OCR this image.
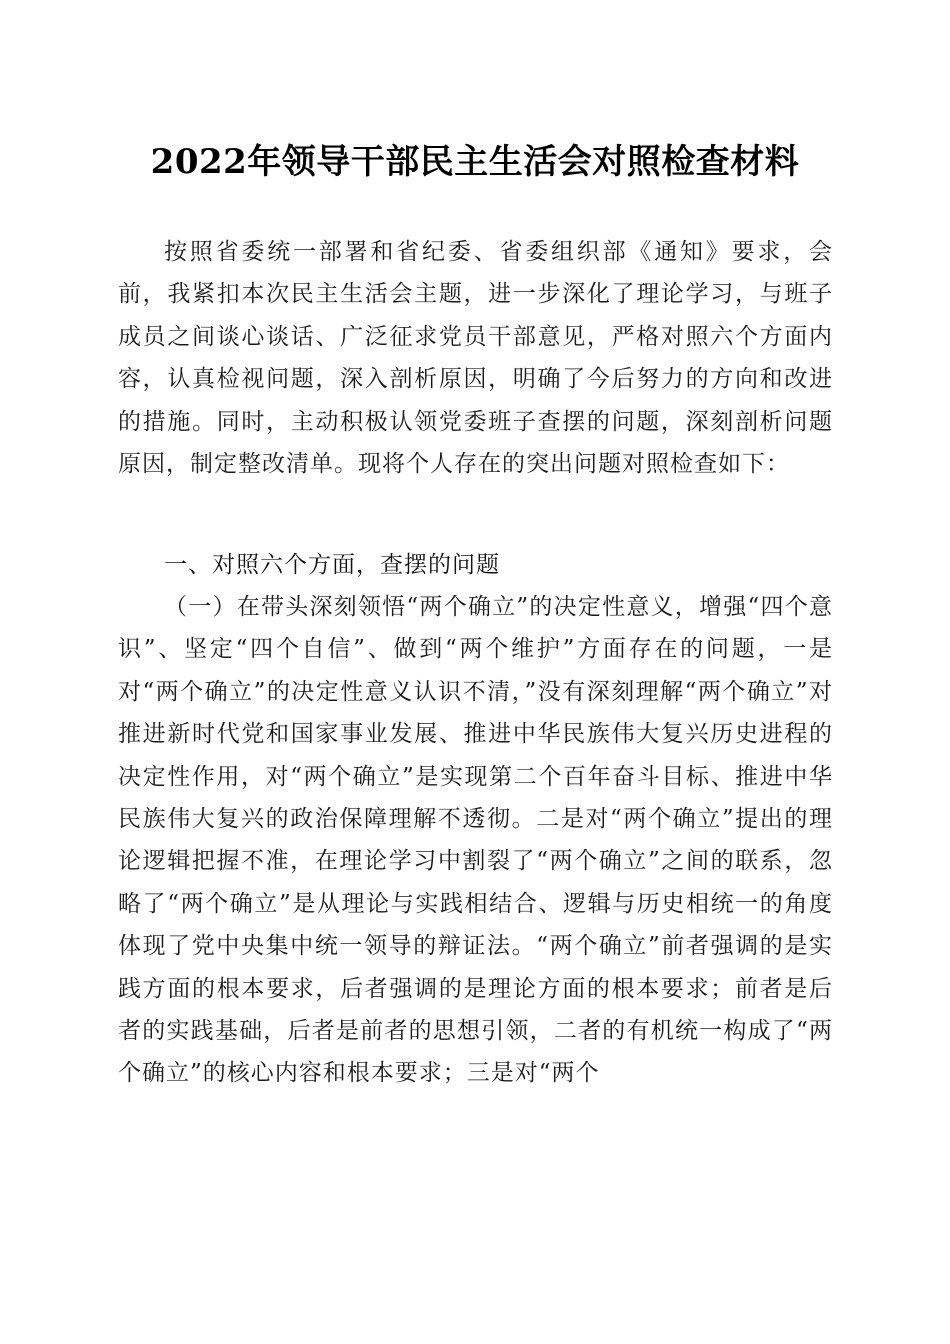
2022年领导干部民主生活会对照检查材料

按照省委统一部署和省纪委、省委组织部《通知》要求，会前，我紧扣本次民主生活会主题，进一步深化了理论学习，与班子成员之间谈心谈话、广泛征求党员干部意见，严格对照六个方面内容，认真检视问题，深入剖析原因，明确了今后努力的方向和改进的措施。同时，主动积极认领党委班子查摆的问题，深刻剖析问题原因，制定整改清单。现将个人存在的突出问题对照检查如下：

一、对照六个方面，查摆的问题

（一）在带头深刻领悟“两个确立”的决定性意义，增强“四个意识”、坚定“四个自信”、做到“两个维护”方面存在的问题，一是对“两个确立”的决定性意义认识不清，”没有深刻理解“两个确立”对推进新时代党和国家事业发展、推进中华民族伟大复兴历史进程的决定性作用，对“两个确立”是实现第二个百年奋斗目标、推进中华民族伟大复兴的政治保障理解不透彻。二是对“两个确立”提出的理论逻辑把握不准，在理论学习中割裂了“两个确立”之间的联系，忽略了“两个确立”是从理论与实践相结合、逻辑与历史相统一的角度体现了党中央集中统一领导的辩证法。“两个确立”前者强调的是实践方面的根本要求，后者强调的是理论方面的根本要求；前者是后者的实践基础，后者是前者的思想引领，二者的有机统一构成了“两个确立”的核心内容和根本要求；三是对“两个
